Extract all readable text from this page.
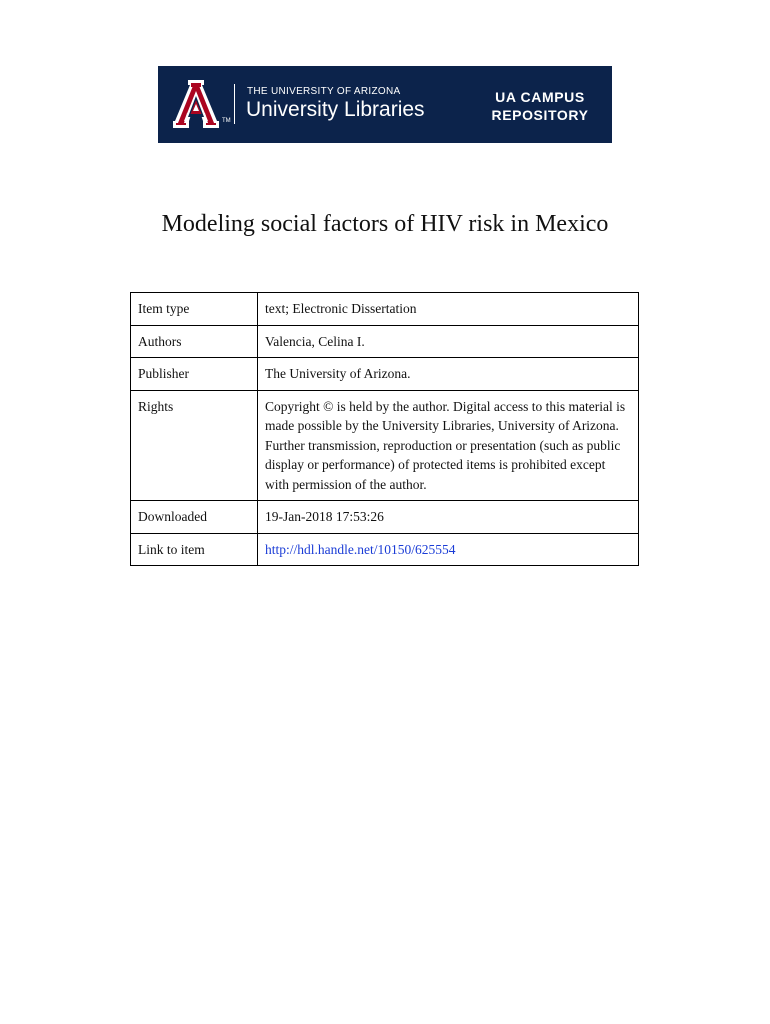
TM
THE UNIVERSITY OF ARIZONA
University Libraries
UA CAMPUS
REPOSITORY
Modeling social factors of HIV risk in Mexico
Item type	text; Electronic Dissertation
Authors	Valencia, Celina I.
Publisher	The University of Arizona.
Rights	Copyright © is held by the author. Digital access to this material is made possible by the University Libraries, University of Arizona. Further transmission, reproduction or presentation (such as public display or performance) of protected items is prohibited except with permission of the author.
Downloaded	19-Jan-2018 17:53:26
Link to item	http://hdl.handle.net/10150/625554
